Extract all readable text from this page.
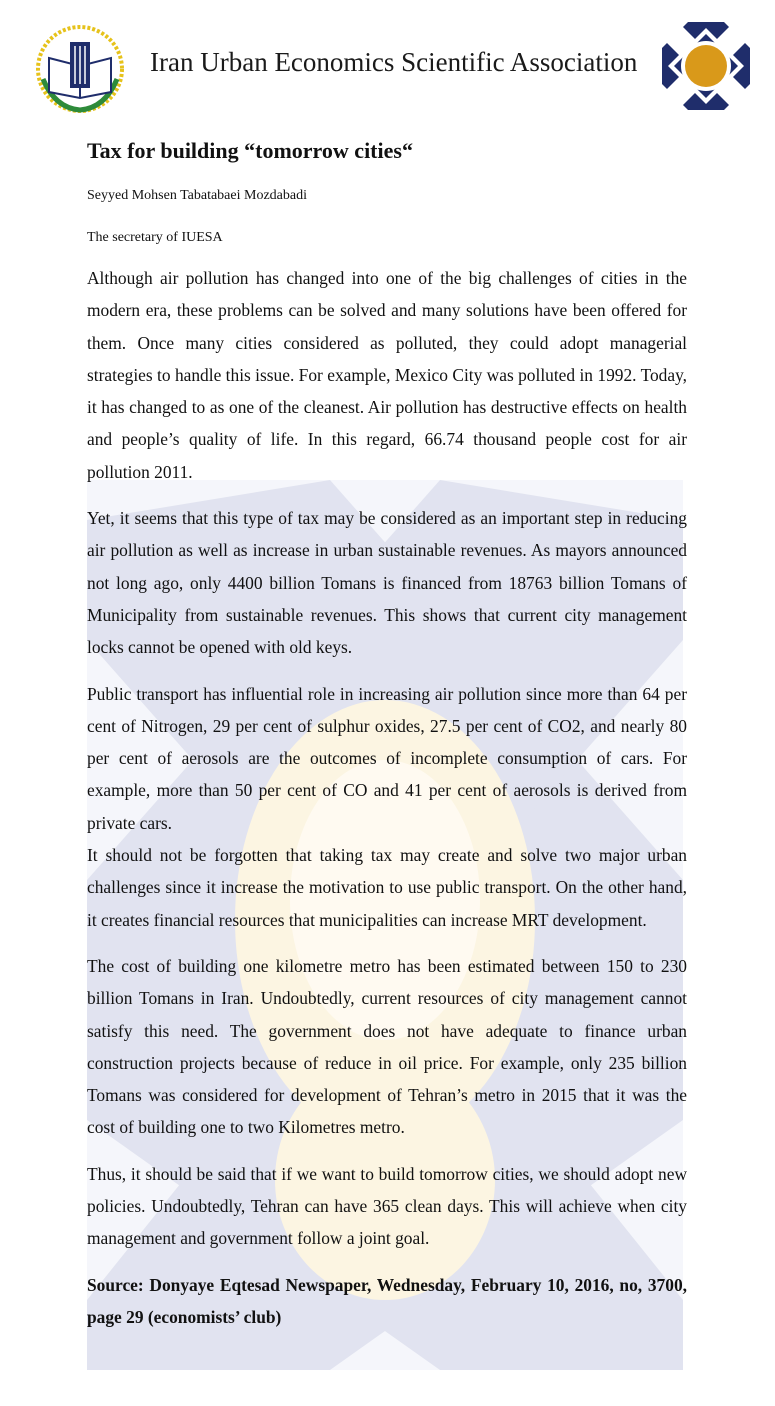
Iran Urban Economics Scientific Association
Tax for building “tomorrow cities“

Seyyed Mohsen Tabatabaei Mozdabadi

The secretary of IUESA

Although air pollution has changed into one of the big challenges of cities in the modern era, these problems can be solved and many solutions have been offered for them. Once many cities considered as polluted, they could adopt managerial strategies to handle this issue. For example, Mexico City was polluted in 1992. Today, it has changed to as one of the cleanest. Air pollution has destructive effects on health and people’s quality of life. In this regard, 66.74 thousand people cost for air pollution 2011.

Yet, it seems that this type of tax may be considered as an important step in reducing air pollution as well as increase in urban sustainable revenues. As mayors announced not long ago, only 4400 billion Tomans is financed from 18763 billion Tomans of Municipality from sustainable revenues. This shows that current city management locks cannot be opened with old keys.

Public transport has influential role in increasing air pollution since more than 64 per cent of Nitrogen, 29 per cent of sulphur oxides, 27.5 per cent of CO2, and nearly 80 per cent of aerosols are the outcomes of incomplete consumption of cars. For example, more than 50 per cent of CO and 41 per cent of aerosols is derived from private cars.

It should not be forgotten that taking tax may create and solve two major urban challenges since it increase the motivation to use public transport. On the other hand, it creates financial resources that municipalities can increase MRT development.

The cost of building one kilometre metro has been estimated between 150 to 230 billion Tomans in Iran. Undoubtedly, current resources of city management cannot satisfy this need. The government does not have adequate to finance urban construction projects because of reduce in oil price. For example, only 235 billion Tomans was considered for development of Tehran’s metro in 2015 that it was the cost of building one to two Kilometres metro.

Thus, it should be said that if we want to build tomorrow cities, we should adopt new policies. Undoubtedly, Tehran can have 365 clean days. This will achieve when city management and government follow a joint goal.

Source: Donyaye Eqtesad Newspaper, Wednesday, February 10, 2016, no, 3700, page 29 (economists’ club)
